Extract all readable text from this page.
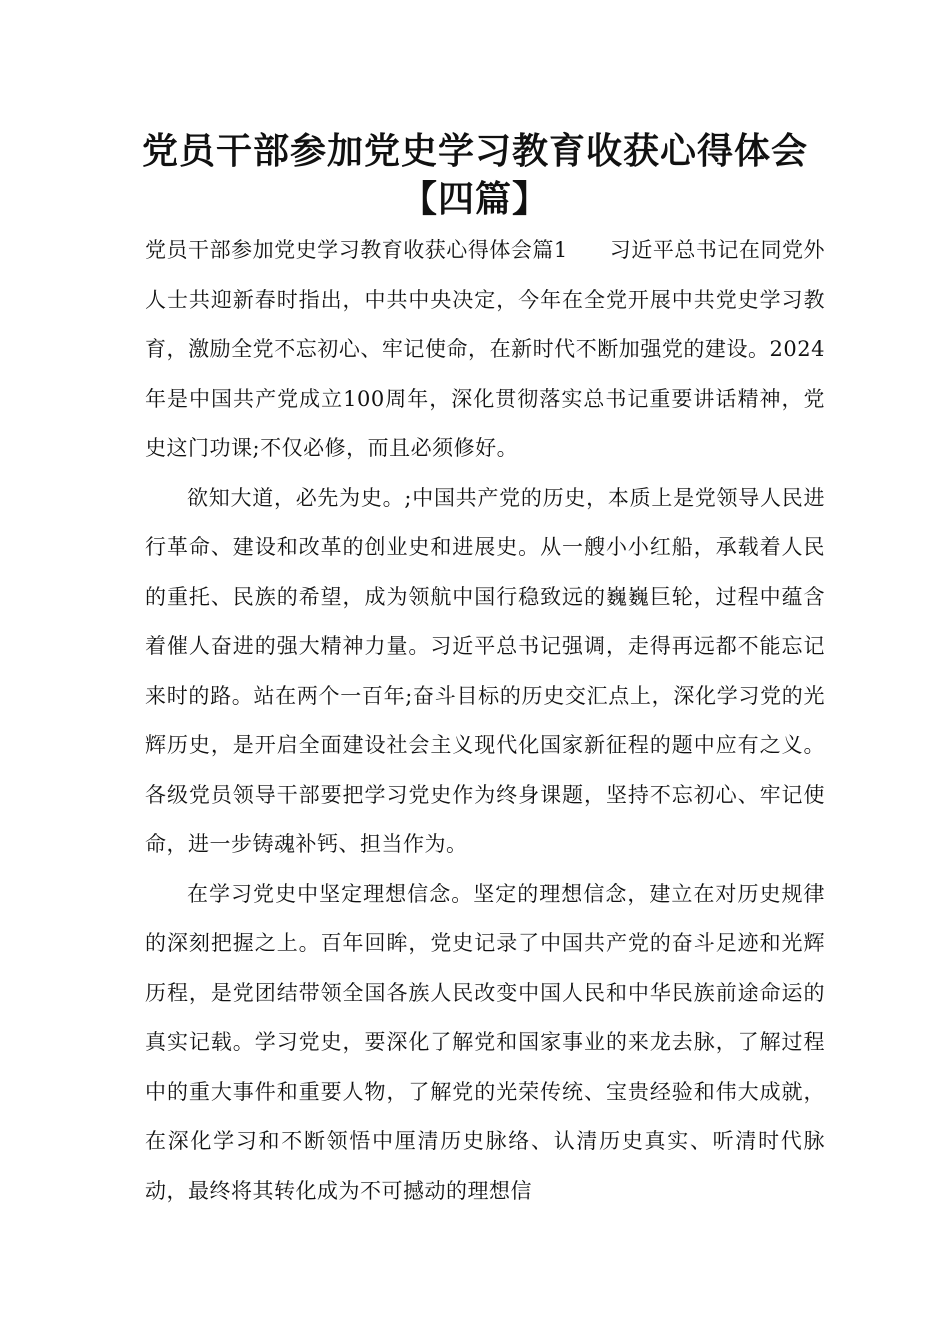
党员干部参加党史学习教育收获心得体会【四篇】

党员干部参加党史学习教育收获心得体会篇1 习近平总书记在同党外人士共迎新春时指出，中共中央决定，今年在全党开展中共党史学习教育，激励全党不忘初心、牢记使命，在新时代不断加强党的建设。2024年是中国共产党成立100周年，深化贯彻落实总书记重要讲话精神，党史这门功课;不仅必修，而且必须修好。

欲知大道，必先为史。;中国共产党的历史，本质上是党领导人民进行革命、建设和改革的创业史和进展史。从一艘小小红船，承载着人民的重托、民族的希望，成为领航中国行稳致远的巍巍巨轮，过程中蕴含着催人奋进的强大精神力量。习近平总书记强调，走得再远都不能忘记来时的路。站在两个一百年;奋斗目标的历史交汇点上，深化学习党的光辉历史，是开启全面建设社会主义现代化国家新征程的题中应有之义。各级党员领导干部要把学习党史作为终身课题，坚持不忘初心、牢记使命，进一步铸魂补钙、担当作为。

在学习党史中坚定理想信念。坚定的理想信念，建立在对历史规律的深刻把握之上。百年回眸，党史记录了中国共产党的奋斗足迹和光辉历程，是党团结带领全国各族人民改变中国人民和中华民族前途命运的真实记载。学习党史，要深化了解党和国家事业的来龙去脉，了解过程中的重大事件和重要人物，了解党的光荣传统、宝贵经验和伟大成就，在深化学习和不断领悟中厘清历史脉络、认清历史真实、听清时代脉动，最终将其转化成为不可撼动的理想信
